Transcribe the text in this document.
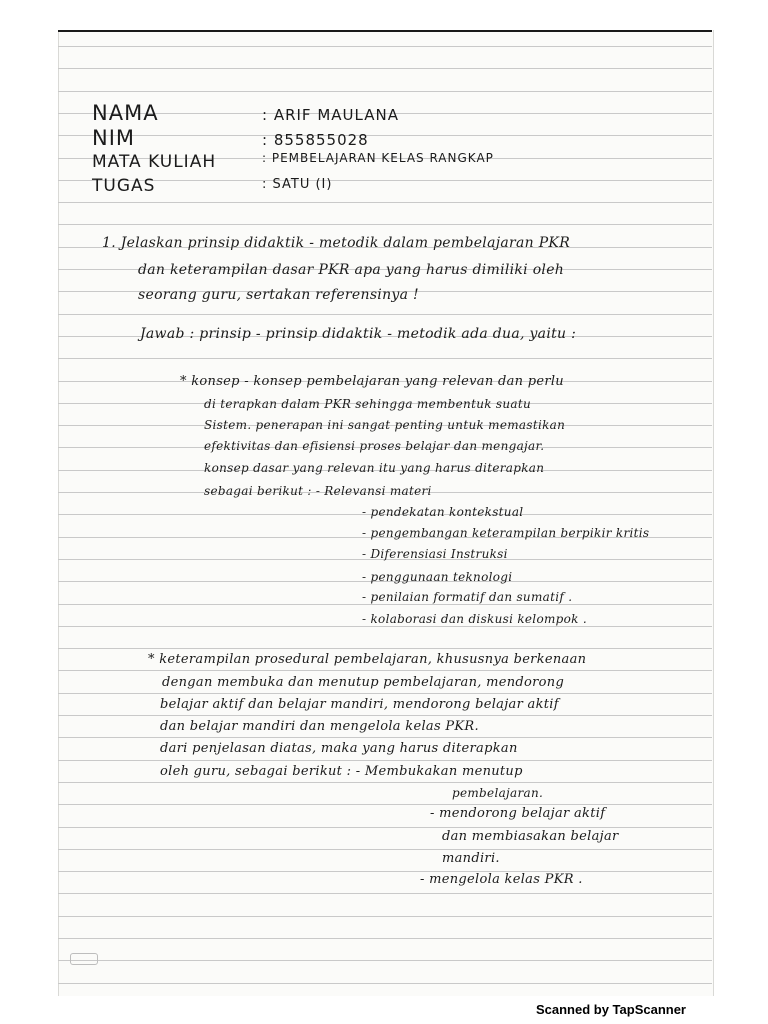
NAMA	: ARIF MAULANA
NIM	: 855855028
MATA KULIAH	: PEMBELAJARAN KELAS RANGKAP
TUGAS	: SATU (I)
1. Jelaskan prinsip didaktik - metodik dalam pembelajaran PKR
dan keterampilan dasar PKR apa yang harus dimiliki oleh
seorang guru, sertakan referensinya !
Jawab : prinsip - prinsip didaktik - metodik ada dua, yaitu :
* konsep - konsep pembelajaran yang relevan dan perlu
di terapkan dalam PKR sehingga membentuk suatu
Sistem. penerapan ini sangat penting untuk memastikan
efektivitas dan efisiensi proses belajar dan mengajar.
konsep dasar yang relevan itu yang harus diterapkan
sebagai berikut : - Relevansi materi
- pendekatan kontekstual
- pengembangan keterampilan berpikir kritis
- Diferensiasi Instruksi
- penggunaan teknologi
- penilaian formatif dan sumatif .
- kolaborasi dan diskusi kelompok .
* keterampilan prosedural pembelajaran, khususnya berkenaan
dengan membuka dan menutup pembelajaran, mendorong
belajar aktif dan belajar mandiri, mendorong belajar aktif
dan belajar mandiri dan mengelola kelas PKR.
dari penjelasan diatas, maka yang harus diterapkan
oleh guru, sebagai berikut : - Membukakan menutup
pembelajaran.
- mendorong belajar aktif
dan membiasakan belajar
mandiri.
- mengelola kelas PKR .
Scanned by TapScanner
